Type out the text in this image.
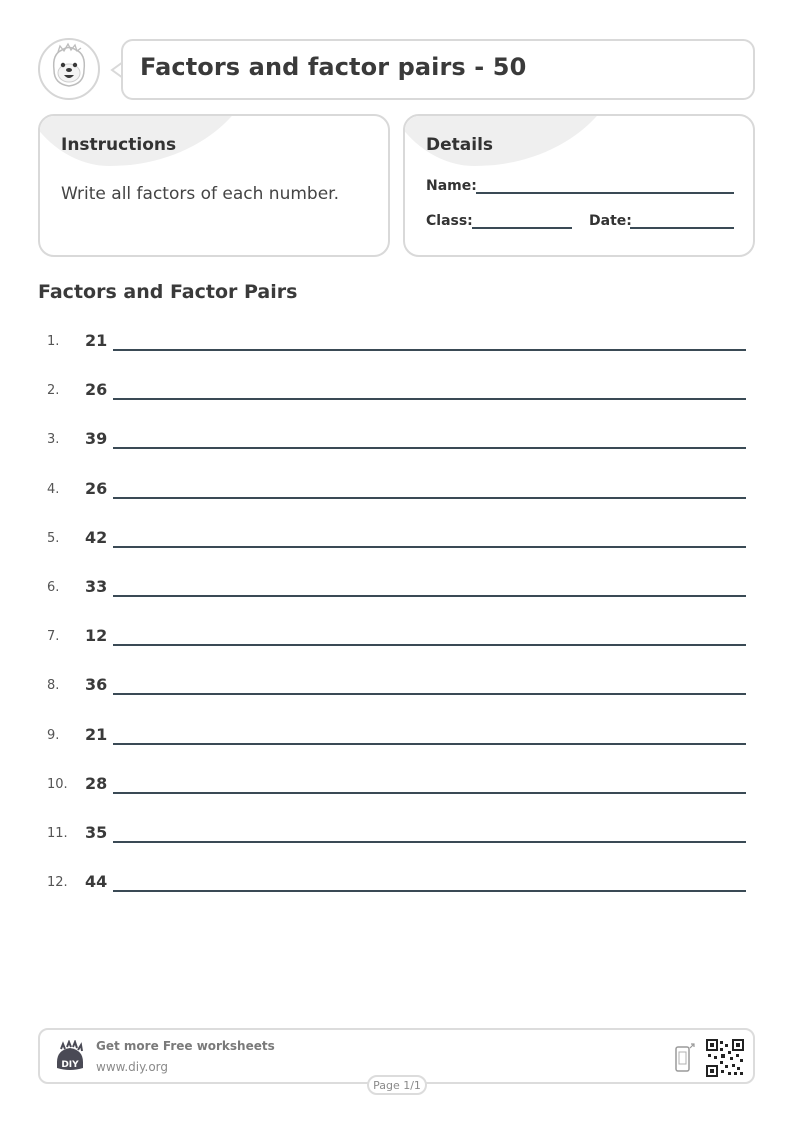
Factors and factor pairs - 50
Instructions
Write all factors of each number.
Details
Name:
Class:	Date:
Factors and Factor Pairs
1. 21
2. 26
3. 39
4. 26
5. 42
6. 33
7. 12
8. 36
9. 21
10. 28
11. 35
12. 44
DIY
Get more Free worksheets
www.diy.org
Page 1/1
